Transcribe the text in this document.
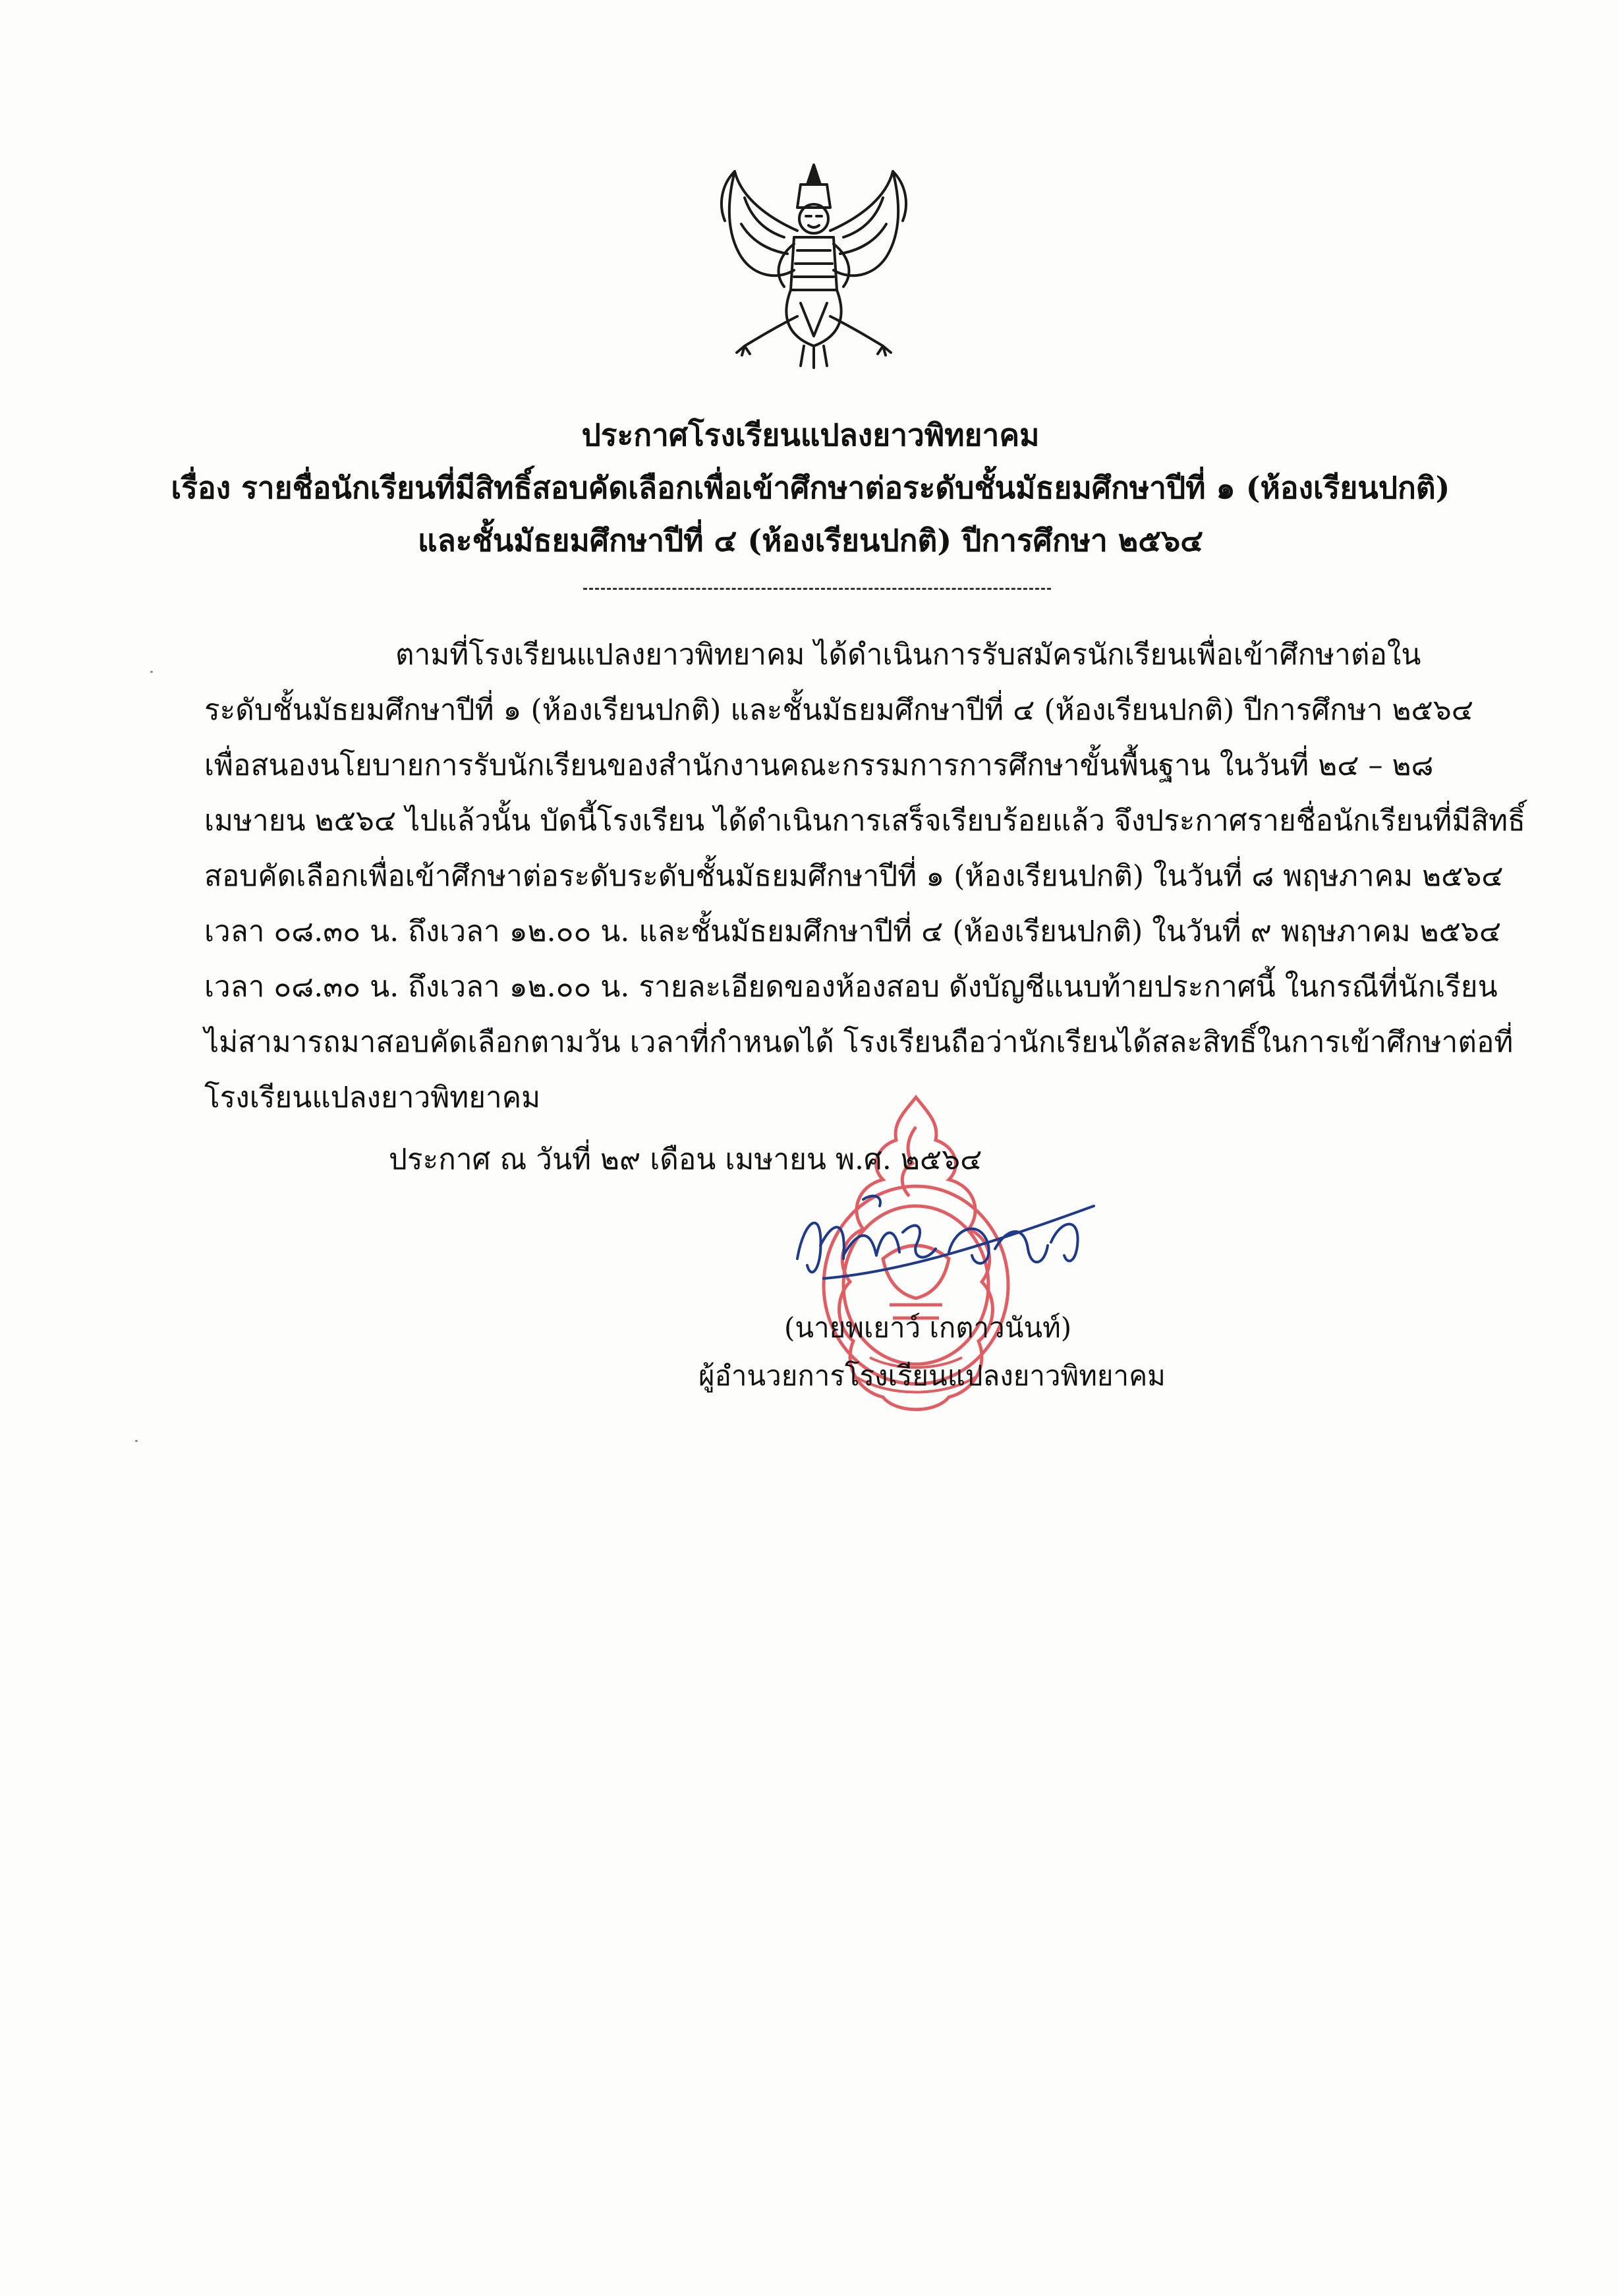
ประกาศโรงเรียนแปลงยาวพิทยาคม
เรื่อง รายชื่อนักเรียนที่มีสิทธิ์สอบคัดเลือกเพื่อเข้าศึกษาต่อระดับชั้นมัธยมศึกษาปีที่ ๑ (ห้องเรียนปกติ)
และชั้นมัธยมศึกษาปีที่ ๔ (ห้องเรียนปกติ) ปีการศึกษา ๒๕๖๔
ตามที่โรงเรียนแปลงยาวพิทยาคม ได้ดำเนินการรับสมัครนักเรียนเพื่อเข้าศึกษาต่อใน
ระดับชั้นมัธยมศึกษาปีที่ ๑ (ห้องเรียนปกติ) และชั้นมัธยมศึกษาปีที่ ๔ (ห้องเรียนปกติ) ปีการศึกษา ๒๕๖๔
เพื่อสนองนโยบายการรับนักเรียนของสำนักงานคณะกรรมการการศึกษาขั้นพื้นฐาน ในวันที่ ๒๔ – ๒๘
เมษายน ๒๕๖๔ ไปแล้วนั้น บัดนี้โรงเรียน ได้ดำเนินการเสร็จเรียบร้อยแล้ว จึงประกาศรายชื่อนักเรียนที่มีสิทธิ์
สอบคัดเลือกเพื่อเข้าศึกษาต่อระดับระดับชั้นมัธยมศึกษาปีที่ ๑ (ห้องเรียนปกติ) ในวันที่ ๘ พฤษภาคม ๒๕๖๔
เวลา ๐๘.๓๐ น. ถึงเวลา ๑๒.๐๐ น. และชั้นมัธยมศึกษาปีที่ ๔ (ห้องเรียนปกติ) ในวันที่ ๙ พฤษภาคม ๒๕๖๔
เวลา ๐๘.๓๐ น. ถึงเวลา ๑๒.๐๐ น. รายละเอียดของห้องสอบ ดังบัญชีแนบท้ายประกาศนี้ ในกรณีที่นักเรียน
ไม่สามารถมาสอบคัดเลือกตามวัน เวลาที่กำหนดได้ โรงเรียนถือว่านักเรียนได้สละสิทธิ์ในการเข้าศึกษาต่อที่
โรงเรียนแปลงยาวพิทยาคม
ประกาศ ณ วันที่ ๒๙ เดือน เมษายน พ.ศ. ๒๕๖๔
(นายพเยาว์ เกตาวนันท์)
ผู้อำนวยการโรงเรียนแปลงยาวพิทยาคม
